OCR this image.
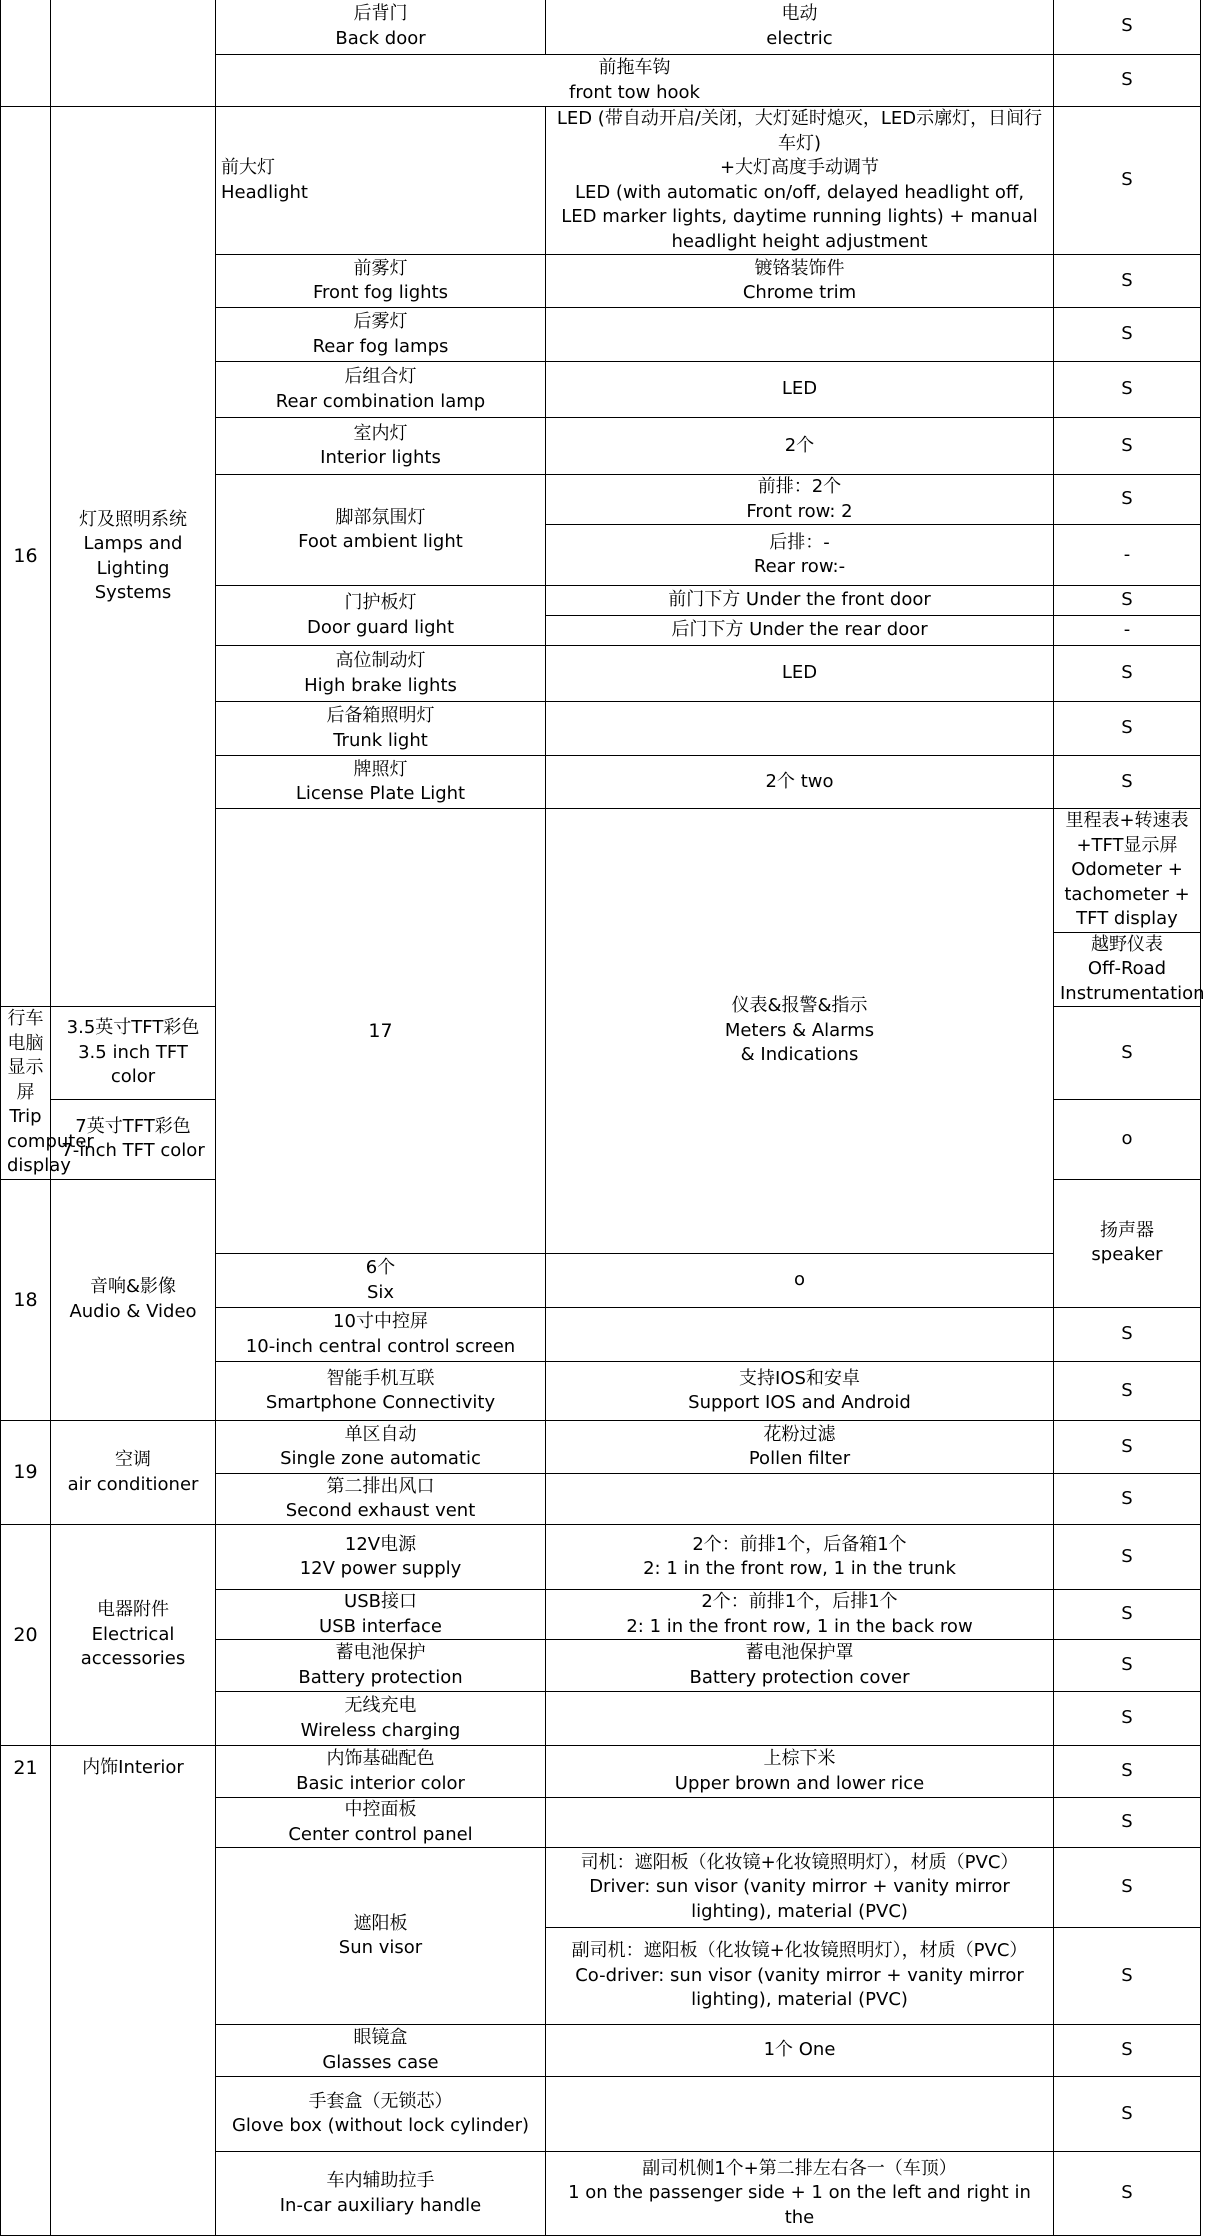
		后背门
Back door	电动
electric	S	

		前拖车钩
front tow hook		S	

16	灯及照明系统
Lamps and
Lighting Systems	前大灯
Headlight	LED (带自动开启/关闭，大灯延时熄灭，LED示廓灯，日间行车灯)
+大灯高度手动调节
LED (with automatic on/off, delayed headlight off, LED marker lights, daytime running lights) + manual headlight height adjustment	S	

		前雾灯
Front fog lights	镀铬装饰件
Chrome trim	S	

		后雾灯
Rear fog lamps		S	

		后组合灯
Rear combination lamp	LED	S	

		室内灯
Interior lights	2个	S	

		脚部氛围灯
Foot ambient light	前排：2个
Front row: 2	S	

			后排：-
Rear row:-	-	

		门护板灯
Door guard light	前门下方 Under the front door	S	

			后门下方 Under the rear door	-	

		高位制动灯
High brake lights	LED	S	

		后备箱照明灯
Trunk light		S	

		牌照灯
License Plate Light	2个 two	S	

		17	仪表&报警&指示
Meters & Alarms
& Indications	里程表+转速表+TFT显示屏
Odometer + tachometer + TFT display

				越野仪表
Off-Road Instrumentation

行车电脑显示屏
Trip computer display	3.5英寸TFT彩色
3.5 inch TFT color			S	

	7英寸TFT彩色
7-inch TFT color			o	

18	音响&影像
Audio & Video			扬声器
speaker

		6个
Six	o		

		10寸中控屏
10-inch central control screen		S	

		智能手机互联
Smartphone Connectivity	支持IOS和安卓
Support IOS and Android	S	

19	空调
air conditioner	单区自动
Single zone automatic	花粉过滤
Pollen filter	S	

		第二排出风口
Second exhaust vent		S	

20	电器附件
Electrical
accessories	12V电源
12V power supply	2个：前排1个，后备箱1个
2: 1 in the front row, 1 in the trunk	S	

		USB接口
USB interface	2个：前排1个，后排1个
2: 1 in the front row, 1 in the back row	S	

		蓄电池保护
Battery protection	蓄电池保护罩
Battery protection cover	S	

		无线充电
Wireless charging		S	

21	内饰Interior	内饰基础配色
Basic interior color	上棕下米
Upper brown and lower rice	S	

		中控面板
Center control panel		S	

		遮阳板
Sun visor	司机：遮阳板（化妆镜+化妆镜照明灯），材质（PVC）
Driver: sun visor (vanity mirror + vanity mirror lighting), material (PVC)	S	

			副司机：遮阳板（化妆镜+化妆镜照明灯），材质（PVC）
Co-driver: sun visor (vanity mirror + vanity mirror lighting), material (PVC)	S	

		眼镜盒
Glasses case	1个 One	S	

		手套盒（无锁芯）
Glove box (without lock cylinder)		S	

		车内辅助拉手
In-car auxiliary handle	副司机侧1个+第二排左右各一（车顶）
1 on the passenger side + 1 on the left and right in the	S	
